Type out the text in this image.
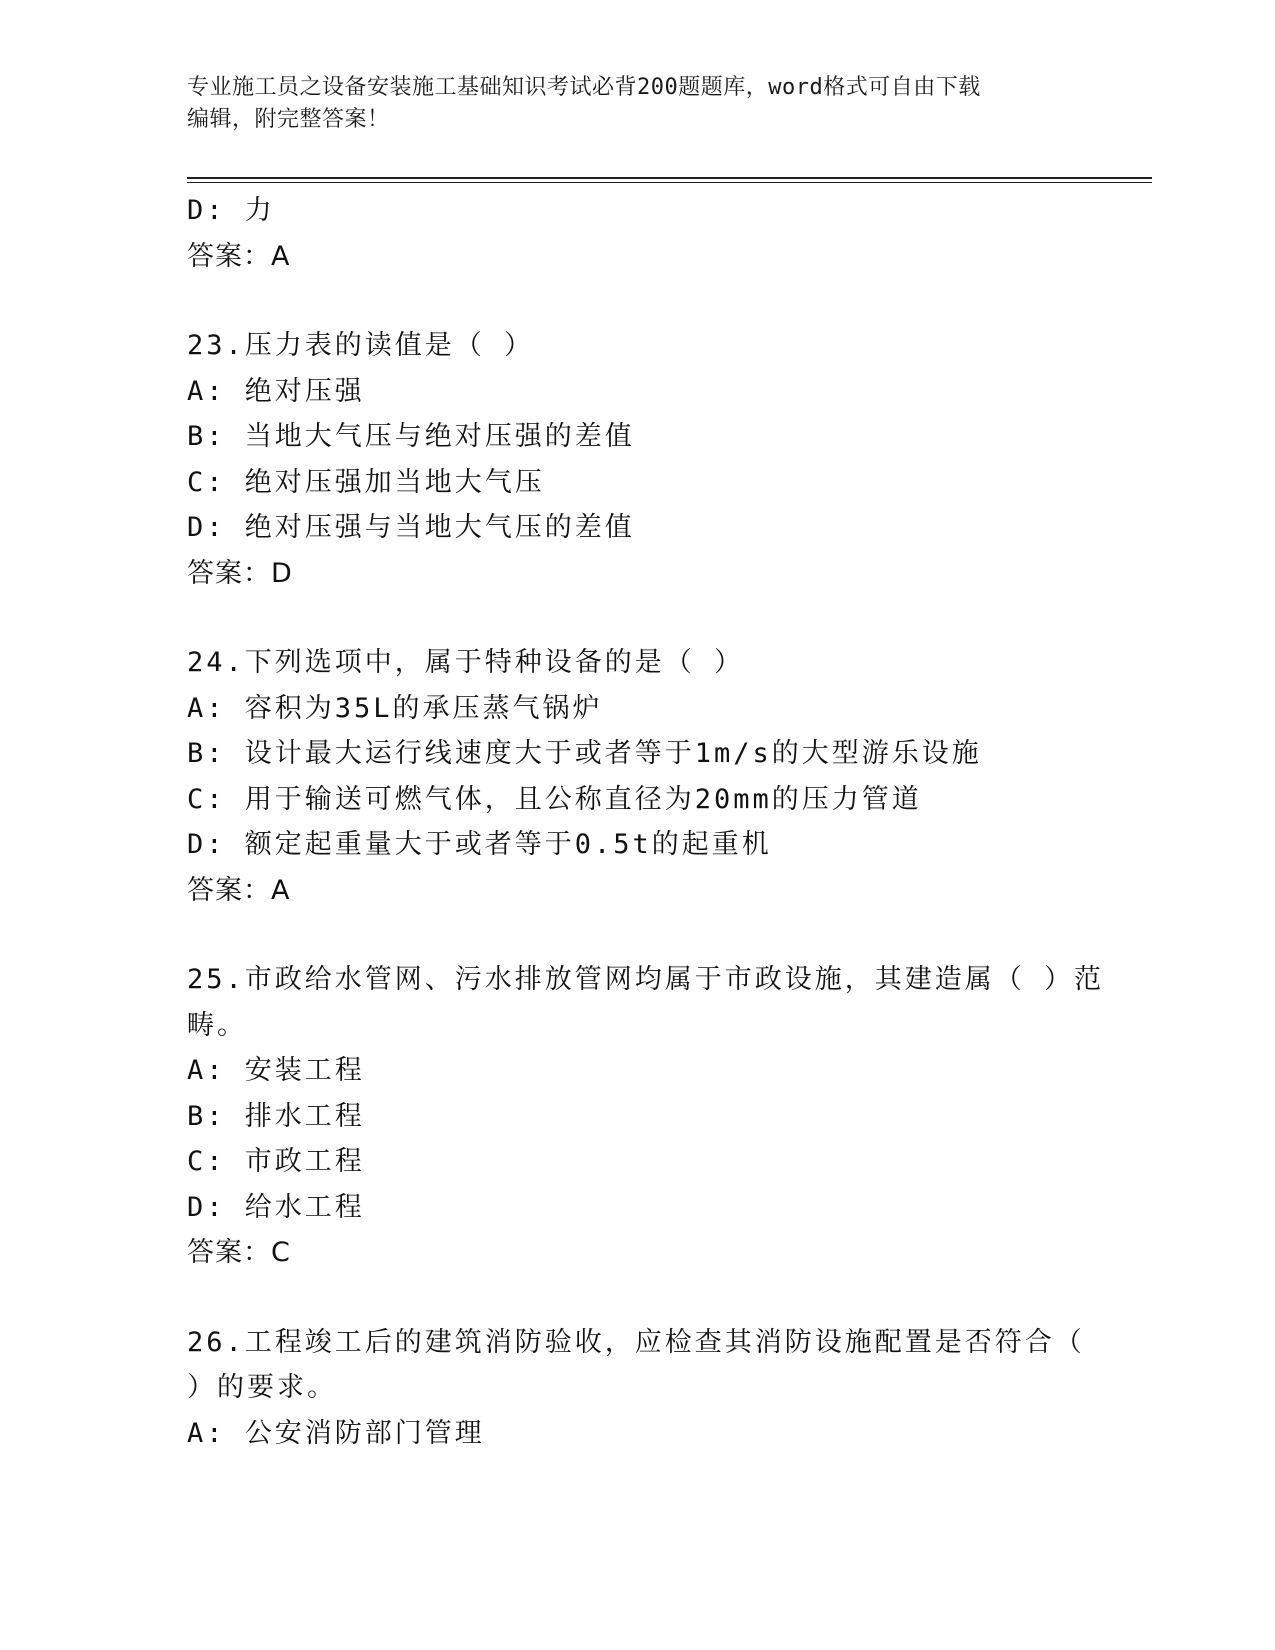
专业施工员之设备安装施工基础知识考试必背200题题库，word格式可自由下载
编辑，附完整答案！
D: 力
答案：A
23.压力表的读值是（ ）
A: 绝对压强
B: 当地大气压与绝对压强的差值
C: 绝对压强加当地大气压
D: 绝对压强与当地大气压的差值
答案：D
24.下列选项中，属于特种设备的是（ ）
A: 容积为35L的承压蒸气锅炉
B: 设计最大运行线速度大于或者等于1m/s的大型游乐设施
C: 用于输送可燃气体，且公称直径为20mm的压力管道
D: 额定起重量大于或者等于0.5t的起重机
答案：A
25.市政给水管网、污水排放管网均属于市政设施，其建造属（ ）范
畴。
A: 安装工程
B: 排水工程
C: 市政工程
D: 给水工程
答案：C
26.工程竣工后的建筑消防验收，应检查其消防设施配置是否符合（
）的要求。
A: 公安消防部门管理
